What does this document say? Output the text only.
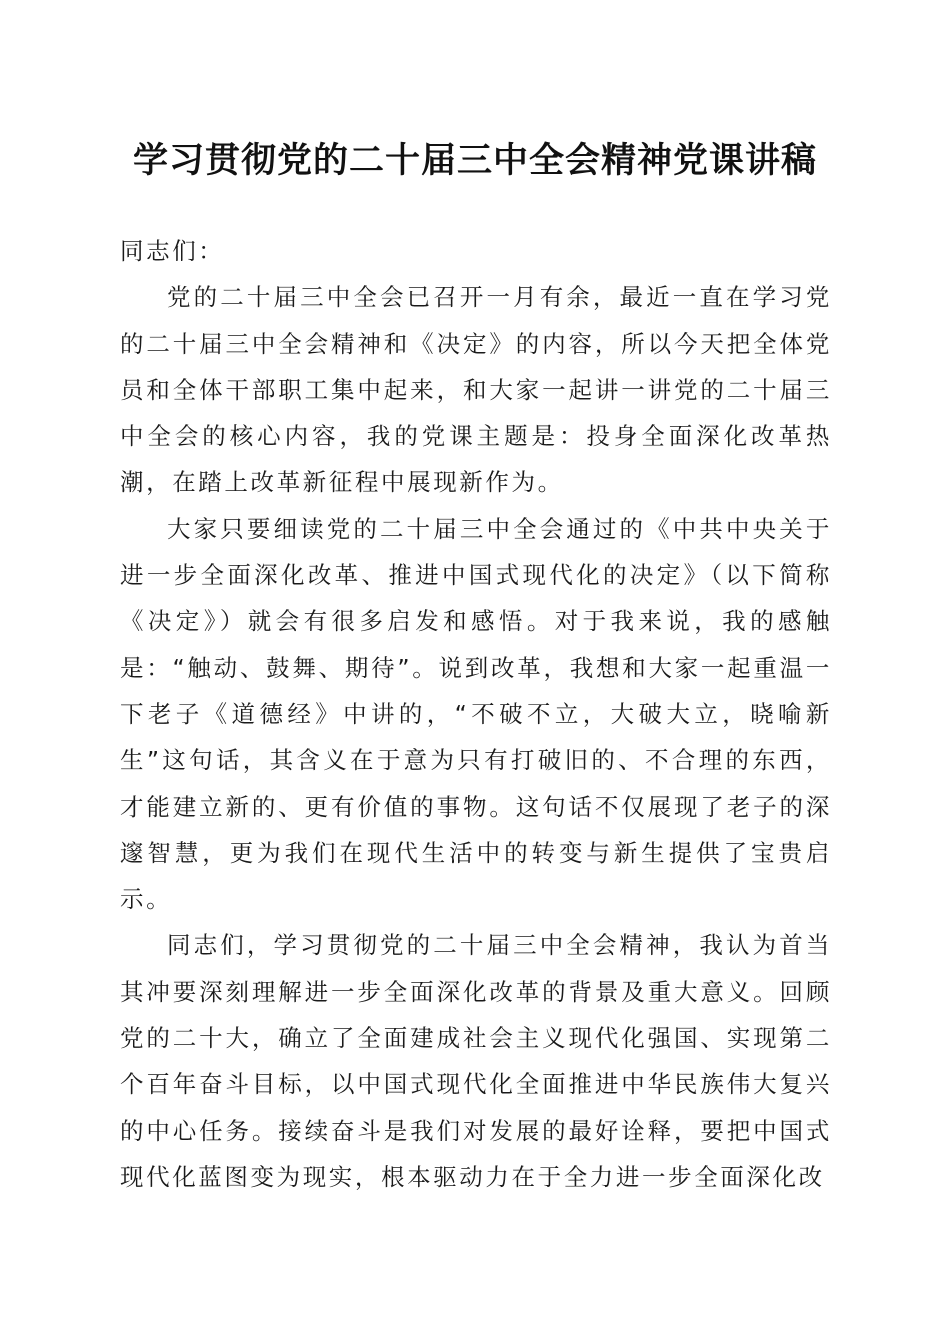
学习贯彻党的二十届三中全会精神党课讲稿

同志们：

党的二十届三中全会已召开一月有余，最近一直在学习党的二十届三中全会精神和《决定》的内容，所以今天把全体党员和全体干部职工集中起来，和大家一起讲一讲党的二十届三中全会的核心内容，我的党课主题是：投身全面深化改革热潮，在踏上改革新征程中展现新作为。

大家只要细读党的二十届三中全会通过的《中共中央关于进一步全面深化改革、推进中国式现代化的决定》（以下简称《决定》）就会有很多启发和感悟。对于我来说，我的感触是：“触动、鼓舞、期待”。说到改革，我想和大家一起重温一下老子《道德经》中讲的，“不破不立，大破大立，晓喻新生”这句话，其含义在于意为只有打破旧的、不合理的东西，才能建立新的、更有价值的事物。这句话不仅展现了老子的深邃智慧，更为我们在现代生活中的转变与新生提供了宝贵启示。

同志们，学习贯彻党的二十届三中全会精神，我认为首当其冲要深刻理解进一步全面深化改革的背景及重大意义。回顾党的二十大，确立了全面建成社会主义现代化强国、实现第二个百年奋斗目标，以中国式现代化全面推进中华民族伟大复兴的中心任务。接续奋斗是我们对发展的最好诠释，要把中国式现代化蓝图变为现实，根本驱动力在于全力进一步全面深化改
